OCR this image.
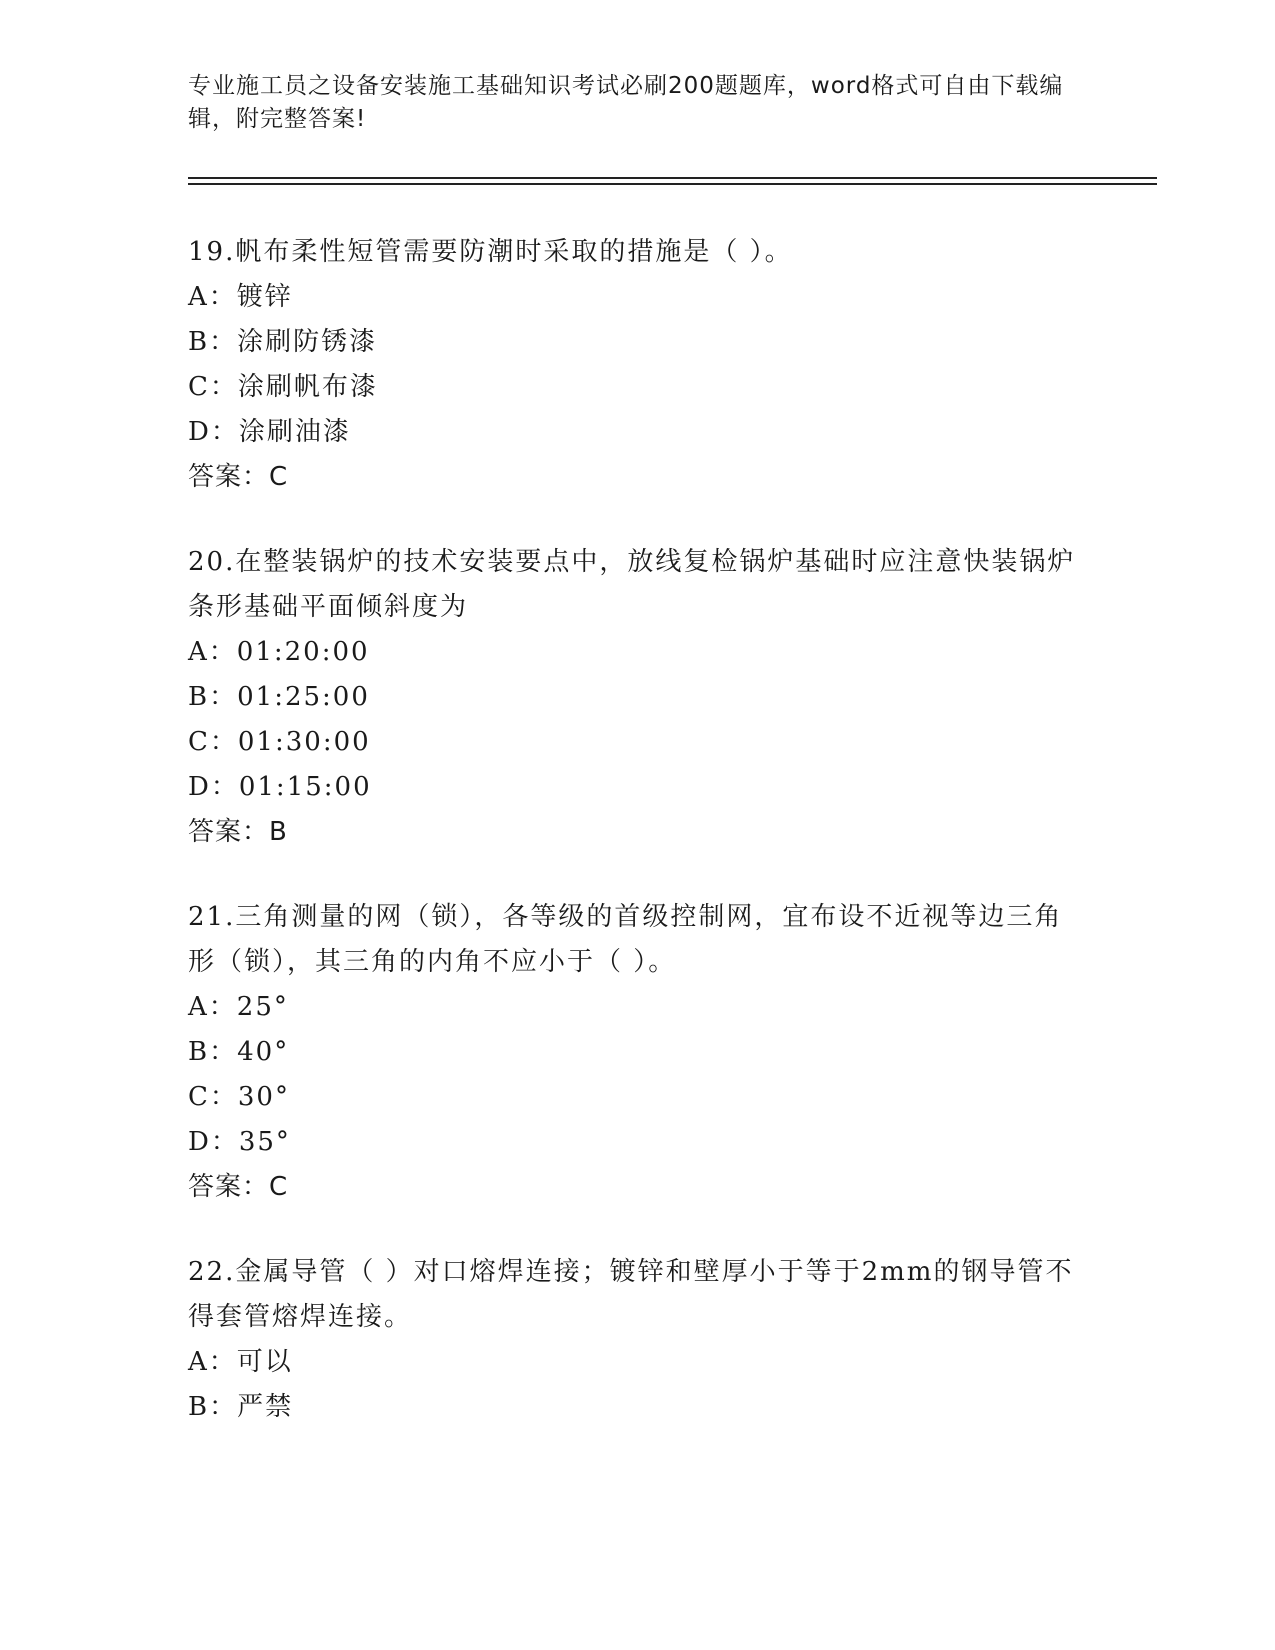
专业施工员之设备安装施工基础知识考试必刷200题题库，word格式可自由下载编辑，附完整答案!

19.帆布柔性短管需要防潮时采取的措施是（ ）。

A：镀锌

B：涂刷防锈漆

C：涂刷帆布漆

D：涂刷油漆

答案：C

20.在整装锅炉的技术安装要点中，放线复检锅炉基础时应注意快装锅炉条形基础平面倾斜度为

A：01:20:00

B：01:25:00

C：01:30:00

D：01:15:00

答案：B

21.三角测量的网（锁），各等级的首级控制网，宜布设不近视等边三角形（锁），其三角的内角不应小于（ ）。

A：25°

B：40°

C：30°

D：35°

答案：C

22.金属导管（ ）对口熔焊连接；镀锌和壁厚小于等于2mm的钢导管不得套管熔焊连接。

A：可以

B：严禁
